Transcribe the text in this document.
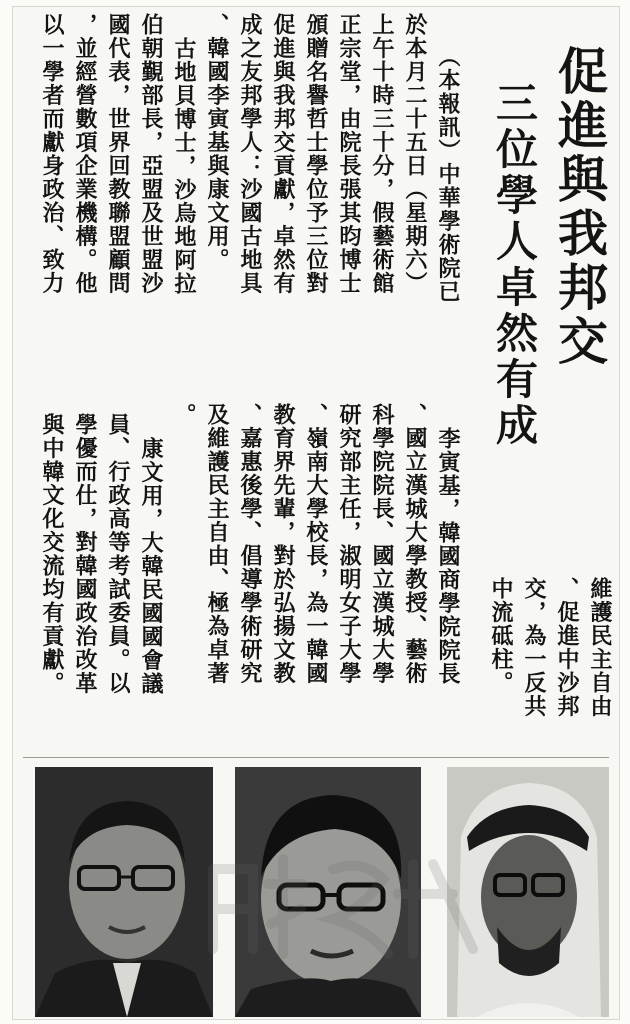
促進與我邦交
三位學人卓然有成
（本報訊）中華學術院已
於本月二十五日（星期六）
上午十時三十分，假藝術館
正宗堂，由院長張其昀博士
頒贈名譽哲士學位予三位對
促進與我邦交貢獻，卓然有
成之友邦學人：沙國古地具
、韓國李寅基與康文用。
古地貝博士，沙烏地阿拉
伯朝覲部長，亞盟及世盟沙
國代表，世界回教聯盟顧問
，並經營數項企業機構。他
以一學者而獻身政治、致力
維護民主自由
、促進中沙邦
交，為一反共
中流砥柱。
李寅基，韓國商學院院長
、國立漢城大學教授、藝術
科學院院長、國立漢城大學
研究部主任，淑明女子大學
、嶺南大學校長，為一韓國
教育界先輩，對於弘揚文教
、嘉惠後學、倡導學術研究
及維護民主自由、極為卓著
。
康文用，大韓民國國會議
員、行政高等考試委員。以
學優而仕，對韓國政治改革
與中韓文化交流均有貢獻。
